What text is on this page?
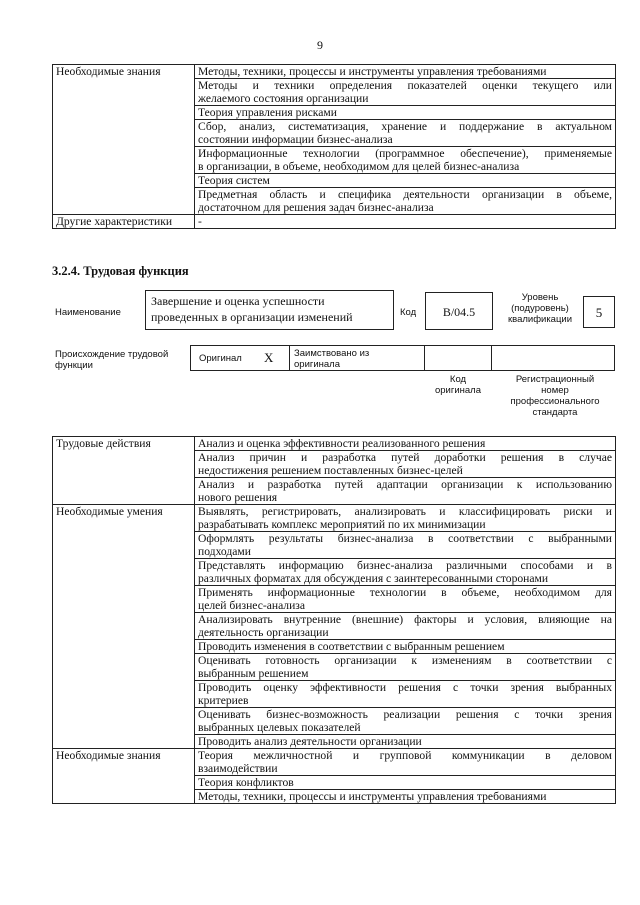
9
Необходимые знания	Методы, техники, процессы и инструменты управления требованиями

	Методы и техники определения показателей оценки текущего или
желаемого состояния организации

	Теория управления рисками

	Сбор, анализ, систематизация, хранение и поддержание в актуальном
состоянии информации бизнес-анализа

	Информационные технологии (программное обеспечение), применяемые
в организации, в объеме, необходимом для целей бизнес-анализа

	Теория систем

	Предметная область и специфика деятельности организации в объеме,
достаточном для решения задач бизнес-анализа

Другие характеристики	-
3.2.4. Трудовая функция
Наименование
Завершение и оценка успешности
проведенных в организации изменений	Код	B/04.5
Уровень
(подуровень)
квалификации	5
Происхождение трудовой
функции
Оригинал X Заимствовано из
оригинала
Код
оригинала
Регистрационный
номер
профессионального
стандарта
Трудовые действия	Анализ и оценка эффективности реализованного решения

	Анализ причин и разработка путей доработки решения в случае
недостижения решением поставленных бизнес-целей

	Анализ и разработка путей адаптации организации к использованию
нового решения

Необходимые умения	Выявлять, регистрировать, анализировать и классифицировать риски и
разрабатывать комплекс мероприятий по их минимизации

	Оформлять результаты бизнес-анализа в соответствии с выбранными
подходами

	Представлять информацию бизнес-анализа различными способами и в
различных форматах для обсуждения с заинтересованными сторонами

	Применять информационные технологии в объеме, необходимом для
целей бизнес-анализа

	Анализировать внутренние (внешние) факторы и условия, влияющие на
деятельность организации

	Проводить изменения в соответствии с выбранным решением

	Оценивать готовность организации к изменениям в соответствии с
выбранным решением

	Проводить оценку эффективности решения с точки зрения выбранных
критериев

	Оценивать бизнес-возможность реализации решения с точки зрения
выбранных целевых показателей

	Проводить анализ деятельности организации
Необходимые знания	Теория межличностной и групповой коммуникации в деловом
взаимодействии

	Теория конфликтов
	Методы, техники, процессы и инструменты управления требованиями
